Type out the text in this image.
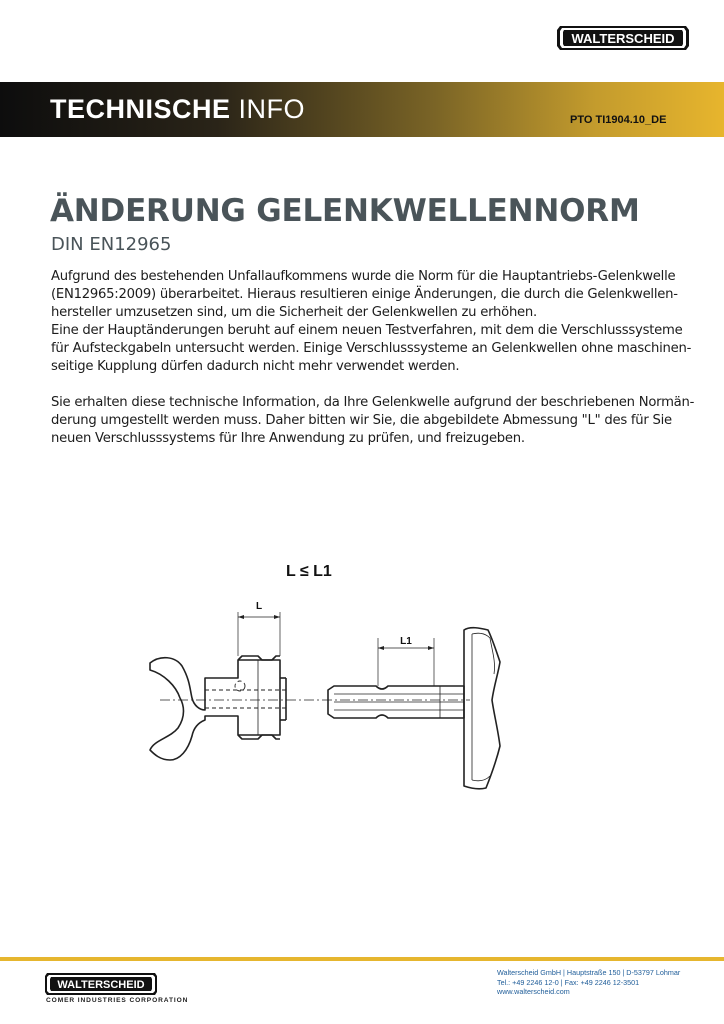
WALTERSCHEID
TECHNISCHE INFO	PTO TI1904.10_DE
ÄNDERUNG GELENKWELLENNORM
DIN EN12965

Aufgrund des bestehenden Unfallaufkommens wurde die Norm für die Hauptantriebs-Gelenkwelle
(EN12965:2009) überarbeitet. Hieraus resultieren einige Änderungen, die durch die Gelenkwellen-
hersteller umzusetzen sind, um die Sicherheit der Gelenkwellen zu erhöhen.
Eine der Hauptänderungen beruht auf einem neuen Testverfahren, mit dem die Verschlusssysteme
für Aufsteckgabeln untersucht werden. Einige Verschlusssysteme an Gelenkwellen ohne maschinen-
seitige Kupplung dürfen dadurch nicht mehr verwendet werden.

Sie erhalten diese technische Information, da Ihre Gelenkwelle aufgrund der beschriebenen Normän-
derung umgestellt werden muss. Daher bitten wir Sie, die abgebildete Abmessung "L" des für Sie
neuen Verschlusssystems für Ihre Anwendung zu prüfen, und freizugeben.

L ≤ L1
L
L1
WALTERSCHEID
COMER INDUSTRIES CORPORATION
Walterscheid GmbH | Hauptstraße 150 | D-53797 Lohmar
Tel.: +49 2246 12-0 | Fax: +49 2246 12-3501
www.walterscheid.com
